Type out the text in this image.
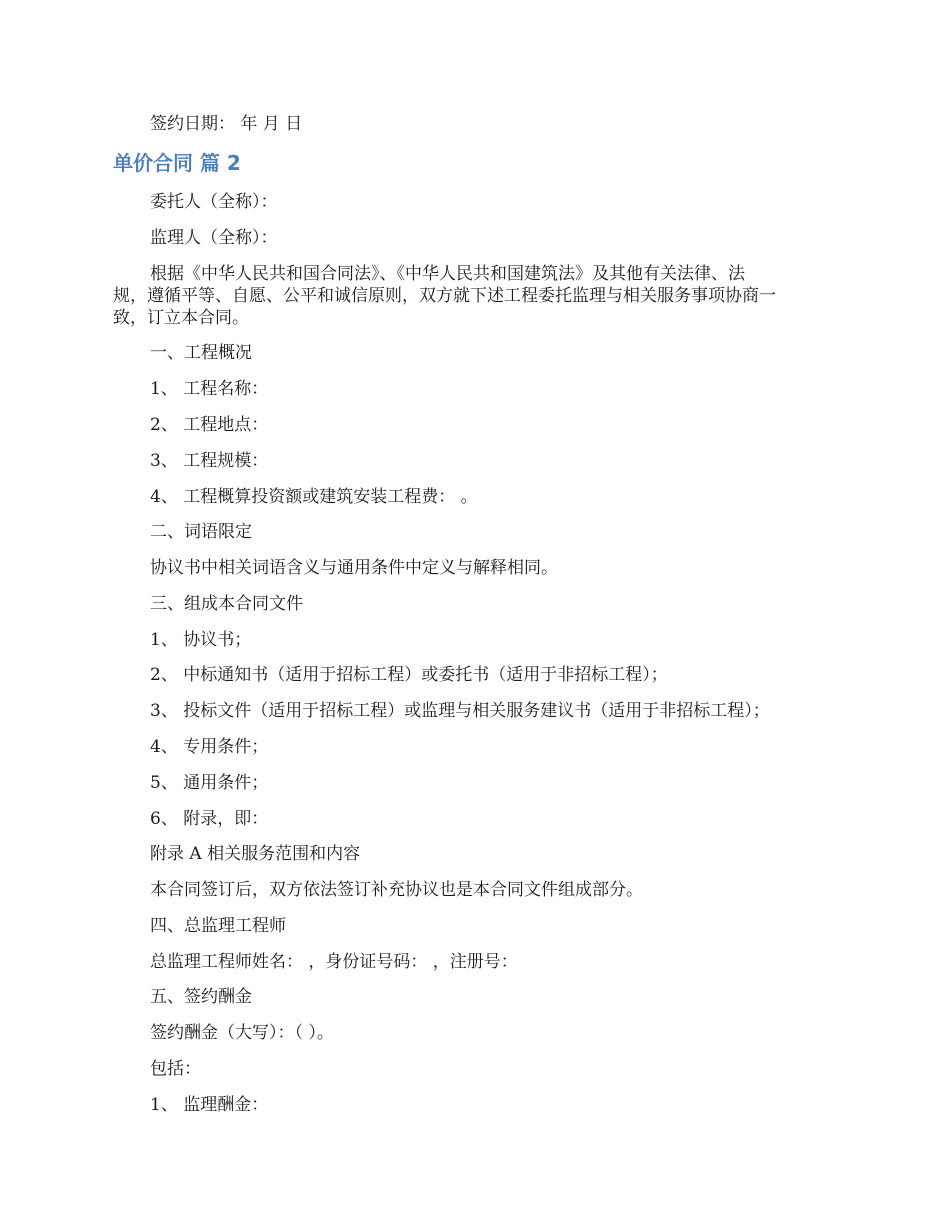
签约日期： 年 月 日
单价合同 篇 2
委托人（全称）：
监理人（全称）：
根据《中华人民共和国合同法》、《中华人民共和国建筑法》及其他有关法律、法
规，遵循平等、自愿、公平和诚信原则，双方就下述工程委托监理与相关服务事项协商一
致，订立本合同。
一、工程概况
1、 工程名称：
2、 工程地点：
3、 工程规模：
4、 工程概算投资额或建筑安装工程费： 。
二、词语限定
协议书中相关词语含义与通用条件中定义与解释相同。
三、组成本合同文件
1、 协议书；
2、 中标通知书（适用于招标工程）或委托书（适用于非招标工程）；
3、 投标文件（适用于招标工程）或监理与相关服务建议书（适用于非招标工程）；
4、 专用条件；
5、 通用条件；
6、 附录，即：
附录 A 相关服务范围和内容
本合同签订后，双方依法签订补充协议也是本合同文件组成部分。
四、总监理工程师
总监理工程师姓名： ，身份证号码： ，注册号：
五、签约酬金
签约酬金（大写）：（ ）。
包括：
1、 监理酬金：
